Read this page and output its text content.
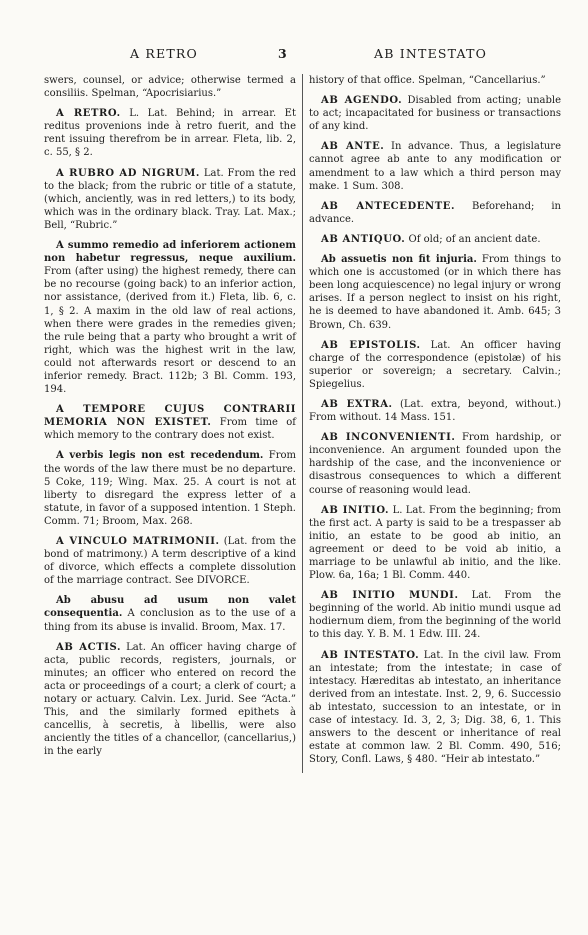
A RETRO	3	AB INTESTATO

swers, counsel, or advice; otherwise termed a consiliis. Spelman, “Apocrisiarius.”

A RETRO. L. Lat. Behind; in arrear. Et reditus provenions inde à retro fuerit, and the rent issuing therefrom be in arrear. Fleta, lib. 2, c. 55, § 2.

A RUBRO AD NIGRUM. Lat. From the red to the black; from the rubric or title of a statute, (which, anciently, was in red letters,) to its body, which was in the ordinary black. Tray. Lat. Max.; Bell, “Rubric.”

A summo remedio ad inferiorem actionem non habetur regressus, neque auxilium. From (after using) the highest remedy, there can be no recourse (going back) to an inferior action, nor assistance, (derived from it.) Fleta, lib. 6, c. 1, § 2. A maxim in the old law of real actions, when there were grades in the remedies given; the rule being that a party who brought a writ of right, which was the highest writ in the law, could not afterwards resort or descend to an inferior remedy. Bract. 112b; 3 Bl. Comm. 193, 194.

A TEMPORE CUJUS CONTRARII MEMORIA NON EXISTET. From time of which memory to the contrary does not exist.

A verbis legis non est recedendum. From the words of the law there must be no departure. 5 Coke, 119; Wing. Max. 25. A court is not at liberty to disregard the express letter of a statute, in favor of a supposed intention. 1 Steph. Comm. 71; Broom, Max. 268.

A VINCULO MATRIMONII. (Lat. from the bond of matrimony.) A term descriptive of a kind of divorce, which effects a complete dissolution of the marriage contract. See DIVORCE.

Ab abusu ad usum non valet consequentia. A conclusion as to the use of a thing from its abuse is invalid. Broom, Max. 17.

AB ACTIS. Lat. An officer having charge of acta, public records, registers, journals, or minutes; an officer who entered on record the acta or proceedings of a court; a clerk of court; a notary or actuary. Calvin. Lex. Jurid. See “Acta.” This, and the similarly formed epithets à cancellis, à secretis, à libellis, were also anciently the titles of a chancellor, (cancellarius,) in the early

history of that office. Spelman, “Cancellarius.”

AB AGENDO. Disabled from acting; unable to act; incapacitated for business or transactions of any kind.

AB ANTE. In advance. Thus, a legislature cannot agree ab ante to any modification or amendment to a law which a third person may make. 1 Sum. 308.

AB ANTECEDENTE. Beforehand; in advance.

AB ANTIQUO. Of old; of an ancient date.

Ab assuetis non fit injuria. From things to which one is accustomed (or in which there has been long acquiescence) no legal injury or wrong arises. If a person neglect to insist on his right, he is deemed to have abandoned it. Amb. 645; 3 Brown, Ch. 639.

AB EPISTOLIS. Lat. An officer having charge of the correspondence (epistolæ) of his superior or sovereign; a secretary. Calvin.; Spiegelius.

AB EXTRA. (Lat. extra, beyond, without.) From without. 14 Mass. 151.

AB INCONVENIENTI. From hardship, or inconvenience. An argument founded upon the hardship of the case, and the inconvenience or disastrous consequences to which a different course of reasoning would lead.

AB INITIO. L. Lat. From the beginning; from the first act. A party is said to be a trespasser ab initio, an estate to be good ab initio, an agreement or deed to be void ab initio, a marriage to be unlawful ab initio, and the like. Plow. 6a, 16a; 1 Bl. Comm. 440.

AB INITIO MUNDI. Lat. From the beginning of the world. Ab initio mundi usque ad hodiernum diem, from the beginning of the world to this day. Y. B. M. 1 Edw. III. 24.

AB INTESTATO. Lat. In the civil law. From an intestate; from the intestate; in case of intestacy. Hæreditas ab intestato, an inheritance derived from an intestate. Inst. 2, 9, 6. Successio ab intestato, succession to an intestate, or in case of intestacy. Id. 3, 2, 3; Dig. 38, 6, 1. This answers to the descent or inheritance of real estate at common law. 2 Bl. Comm. 490, 516; Story, Confl. Laws, § 480. “Heir ab intestato.”
